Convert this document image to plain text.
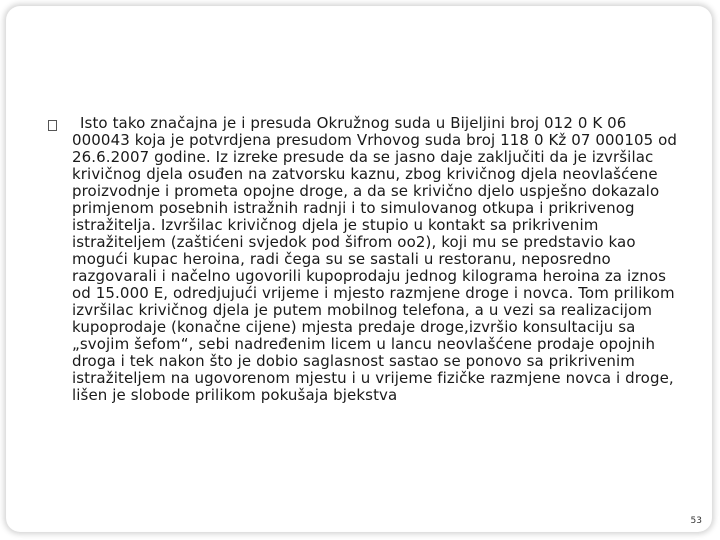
Isto tako značajna je i presuda Okružnog suda u Bijeljini broj 012 0 K 06 000043 koja je potvrdjena presudom Vrhovog suda broj 118 0 Kž 07 000105 od 26.6.2007 godine. Iz izreke presude da se jasno daje zaključiti da je izvršilac krivičnog djela osuđen na zatvorsku kaznu, zbog krivičnog djela neovlašćene proizvodnje i prometa opojne droge, a da se krivično djelo uspješno dokazalo primjenom posebnih istražnih radnji i to simulovanog otkupa i prikrivenog istražitelja. Izvršilac krivičnog djela je stupio u kontakt sa prikrivenim istražiteljem (zaštićeni svjedok pod šifrom oo2), koji mu se predstavio kao mogući kupac heroina, radi čega su se sastali u restoranu, neposredno razgovarali i načelno ugovorili kupoprodaju jednog kilograma heroina za iznos od 15.000 E, odredjujući vrijeme i mjesto razmjene droge i novca. Tom prilikom izvršilac krivičnog djela je putem mobilnog telefona, a u vezi sa realizacijom kupoprodaje (konačne cijene) mjesta predaje droge,izvršio konsultaciju sa „svojim šefom“, sebi nadređenim licem u lancu neovlašćene prodaje opojnih droga i tek nakon što je dobio saglasnost sastao se ponovo sa prikrivenim istražiteljem na ugovorenom mjestu i u vrijeme fizičke razmjene novca i droge, lišen je slobode prilikom pokušaja bjekstva

53
